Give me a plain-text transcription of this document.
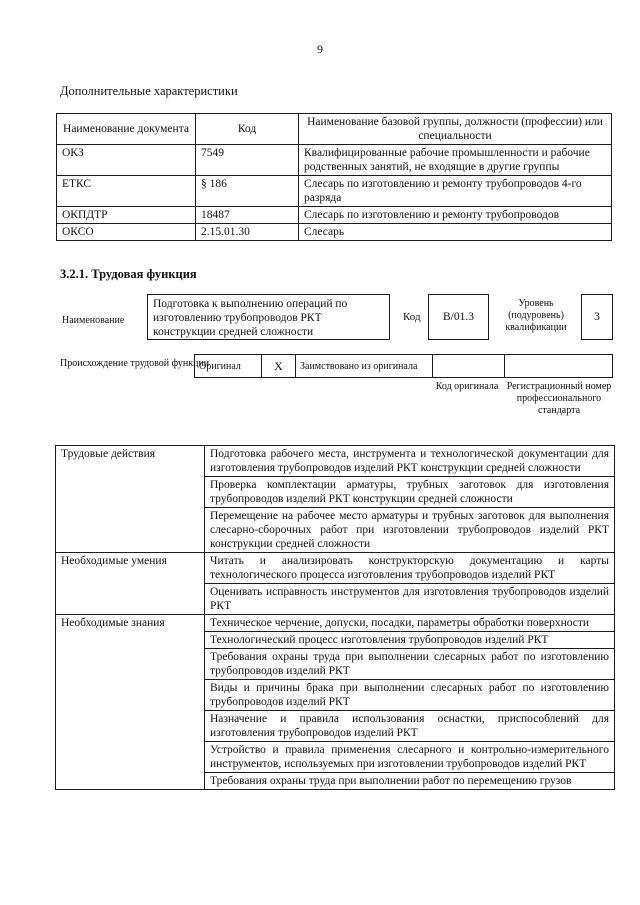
9
Дополнительные характеристики
Наименование документа	Код	Наименование базовой группы, должности (профессии) или специальности
ОКЗ	7549	Квалифицированные рабочие промышленности и рабочие родственных занятий, не входящие в другие группы
ЕТКС	§ 186	Слесарь по изготовлению и ремонту трубопроводов 4-го разряда
ОКПДТР	18487	Слесарь по изготовлению и ремонту трубопроводов
ОКСО	2.15.01.30	Слесарь
3.2.1. Трудовая функция
Наименование
Подготовка к выполнению операций по изготовлению трубопроводов РКТ конструкции средней сложности
Код	B/01.3
Уровень (подуровень) квалификации
3
Происхождение трудовой функции
Оригинал	X	Заимствовано из оригинала		
Код оригинала Регистрационный номер профессионального стандарта
Трудовые действия	Подготовка рабочего места, инструмента и технологической документации для изготовления трубопроводов изделий РКТ конструкции средней сложности
	Проверка комплектации арматуры, трубных заготовок для изготовления трубопроводов изделий РКТ конструкции средней сложности
	Перемещение на рабочее место арматуры и трубных заготовок для выполнения слесарно-сборочных работ при изготовлении трубопроводов изделий РКТ конструкции средней сложности
Необходимые умения	Читать и анализировать конструкторскую документацию и карты технологического процесса изготовления трубопроводов изделий РКТ
	Оценивать исправность инструментов для изготовления трубопроводов изделий РКТ
Необходимые знания	Техническое черчение, допуски, посадки, параметры обработки поверхности
	Технологический процесс изготовления трубопроводов изделий РКТ
	Требования охраны труда при выполнении слесарных работ по изготовлению трубопроводов изделий РКТ
	Виды и причины брака при выполнении слесарных работ по изготовлению трубопроводов изделий РКТ
	Назначение и правила использования оснастки, приспособлений для изготовления трубопроводов изделий РКТ
	Устройство и правила применения слесарного и контрольно-измерительного инструментов, используемых при изготовлении трубопроводов изделий РКТ
	Требования охраны труда при выполнении работ по перемещению грузов
